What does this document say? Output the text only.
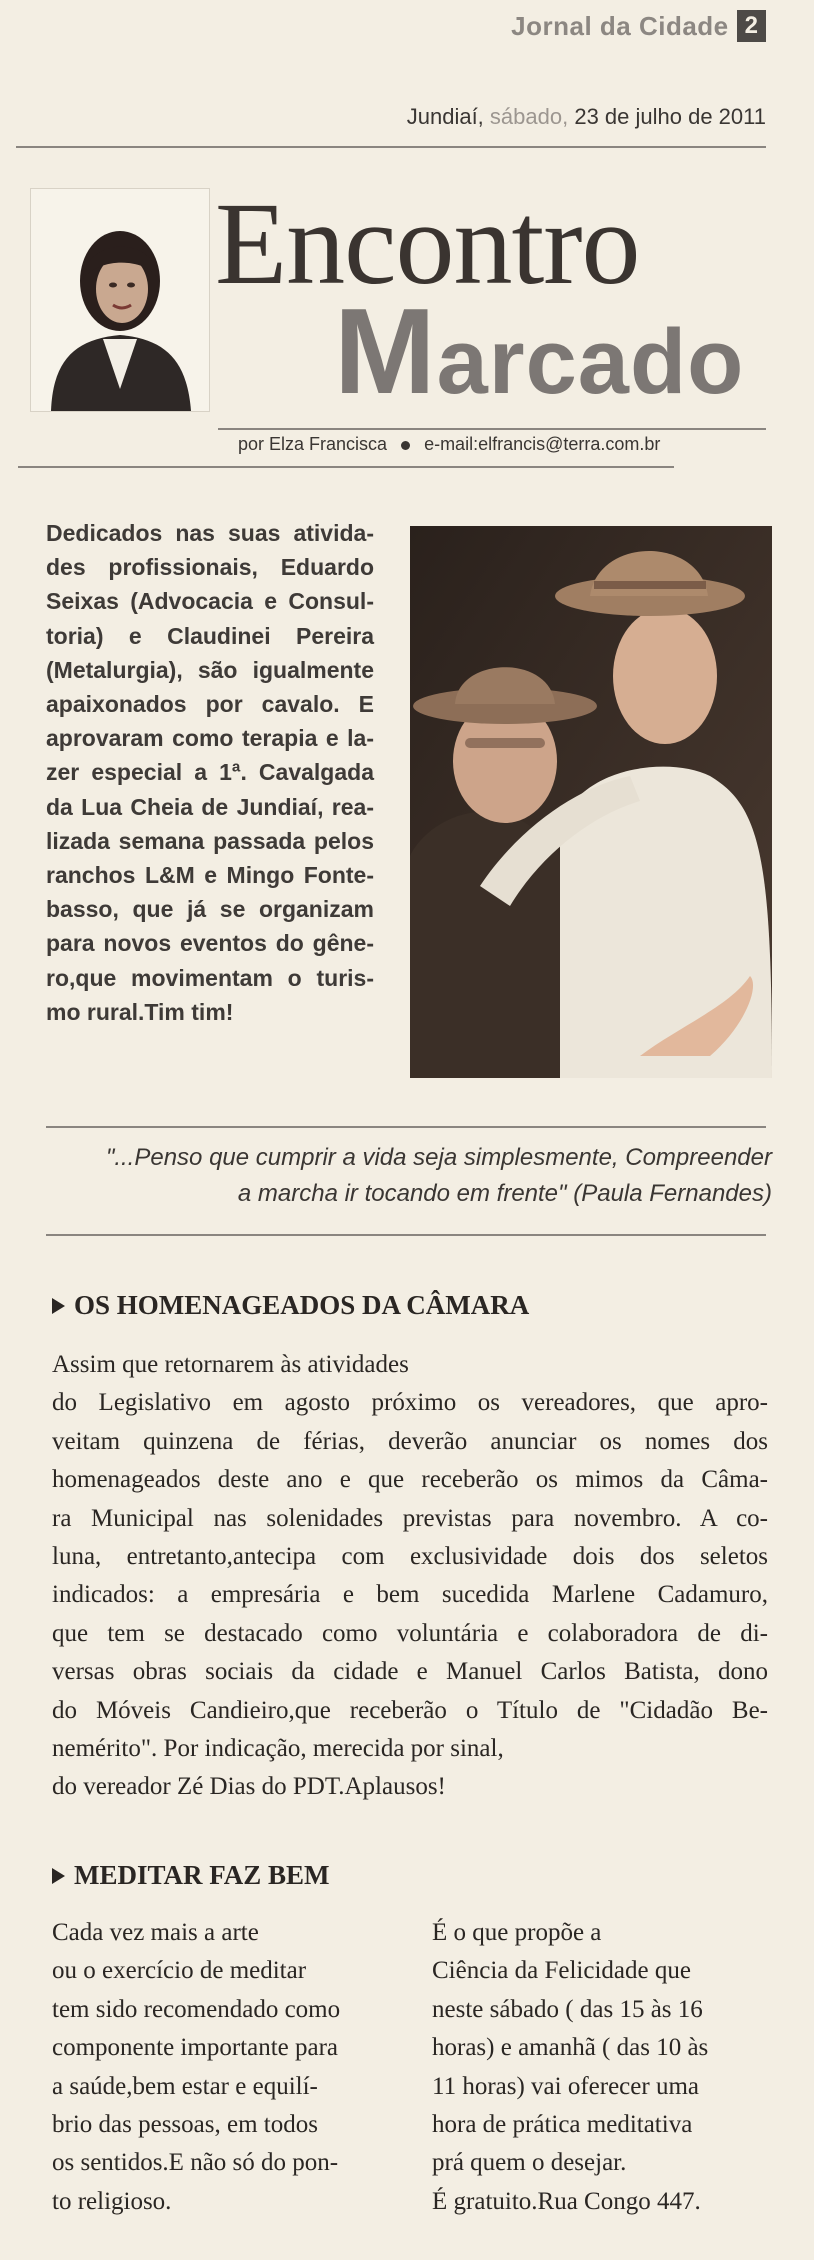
Jornal da Cidade 2
Jundiaí, sábado, 23 de julho de 2011
Encontro
Marcado
por Elza Francisca e-mail:elfrancis@terra.com.br
Dedicados nas suas ativida-
des profissionais, Eduardo
Seixas (Advocacia e Consul-
toria) e Claudinei Pereira
(Metalurgia), são igualmente
apaixonados por cavalo. E
aprovaram como terapia e la-
zer especial a 1ª. Cavalgada
da Lua Cheia de Jundiaí, rea-
lizada semana passada pelos
ranchos L&M e Mingo Fonte-
basso, que já se organizam
para novos eventos do gêne-
ro,que movimentam o turis-
mo rural.Tim tim!
"...Penso que cumprir a vida seja simplesmente, Compreender
a marcha ir tocando em frente" (Paula Fernandes)
OS HOMENAGEADOS DA CÂMARA
Assim que retornarem às atividades
do Legislativo em agosto próximo os vereadores, que apro-
veitam quinzena de férias, deverão anunciar os nomes dos
homenageados deste ano e que receberão os mimos da Câma-
ra Municipal nas solenidades previstas para novembro. A co-
luna, entretanto,antecipa com exclusividade dois dos seletos
indicados: a empresária e bem sucedida Marlene Cadamuro,
que tem se destacado como voluntária e colaboradora de di-
versas obras sociais da cidade e Manuel Carlos Batista, dono
do Móveis Candieiro,que receberão o Título de "Cidadão Be-
nemérito". Por indicação, merecida por sinal,
do vereador Zé Dias do PDT.Aplausos!
MEDITAR FAZ BEM
Cada vez mais a arte
ou o exercício de meditar
tem sido recomendado como
componente importante para
a saúde,bem estar e equilí-
brio das pessoas, em todos
os sentidos.E não só do pon-
to religioso.
É o que propõe a
Ciência da Felicidade que
neste sábado ( das 15 às 16
horas) e amanhã ( das 10 às
11 horas) vai oferecer uma
hora de prática meditativa
prá quem o desejar.
É gratuito.Rua Congo 447.
